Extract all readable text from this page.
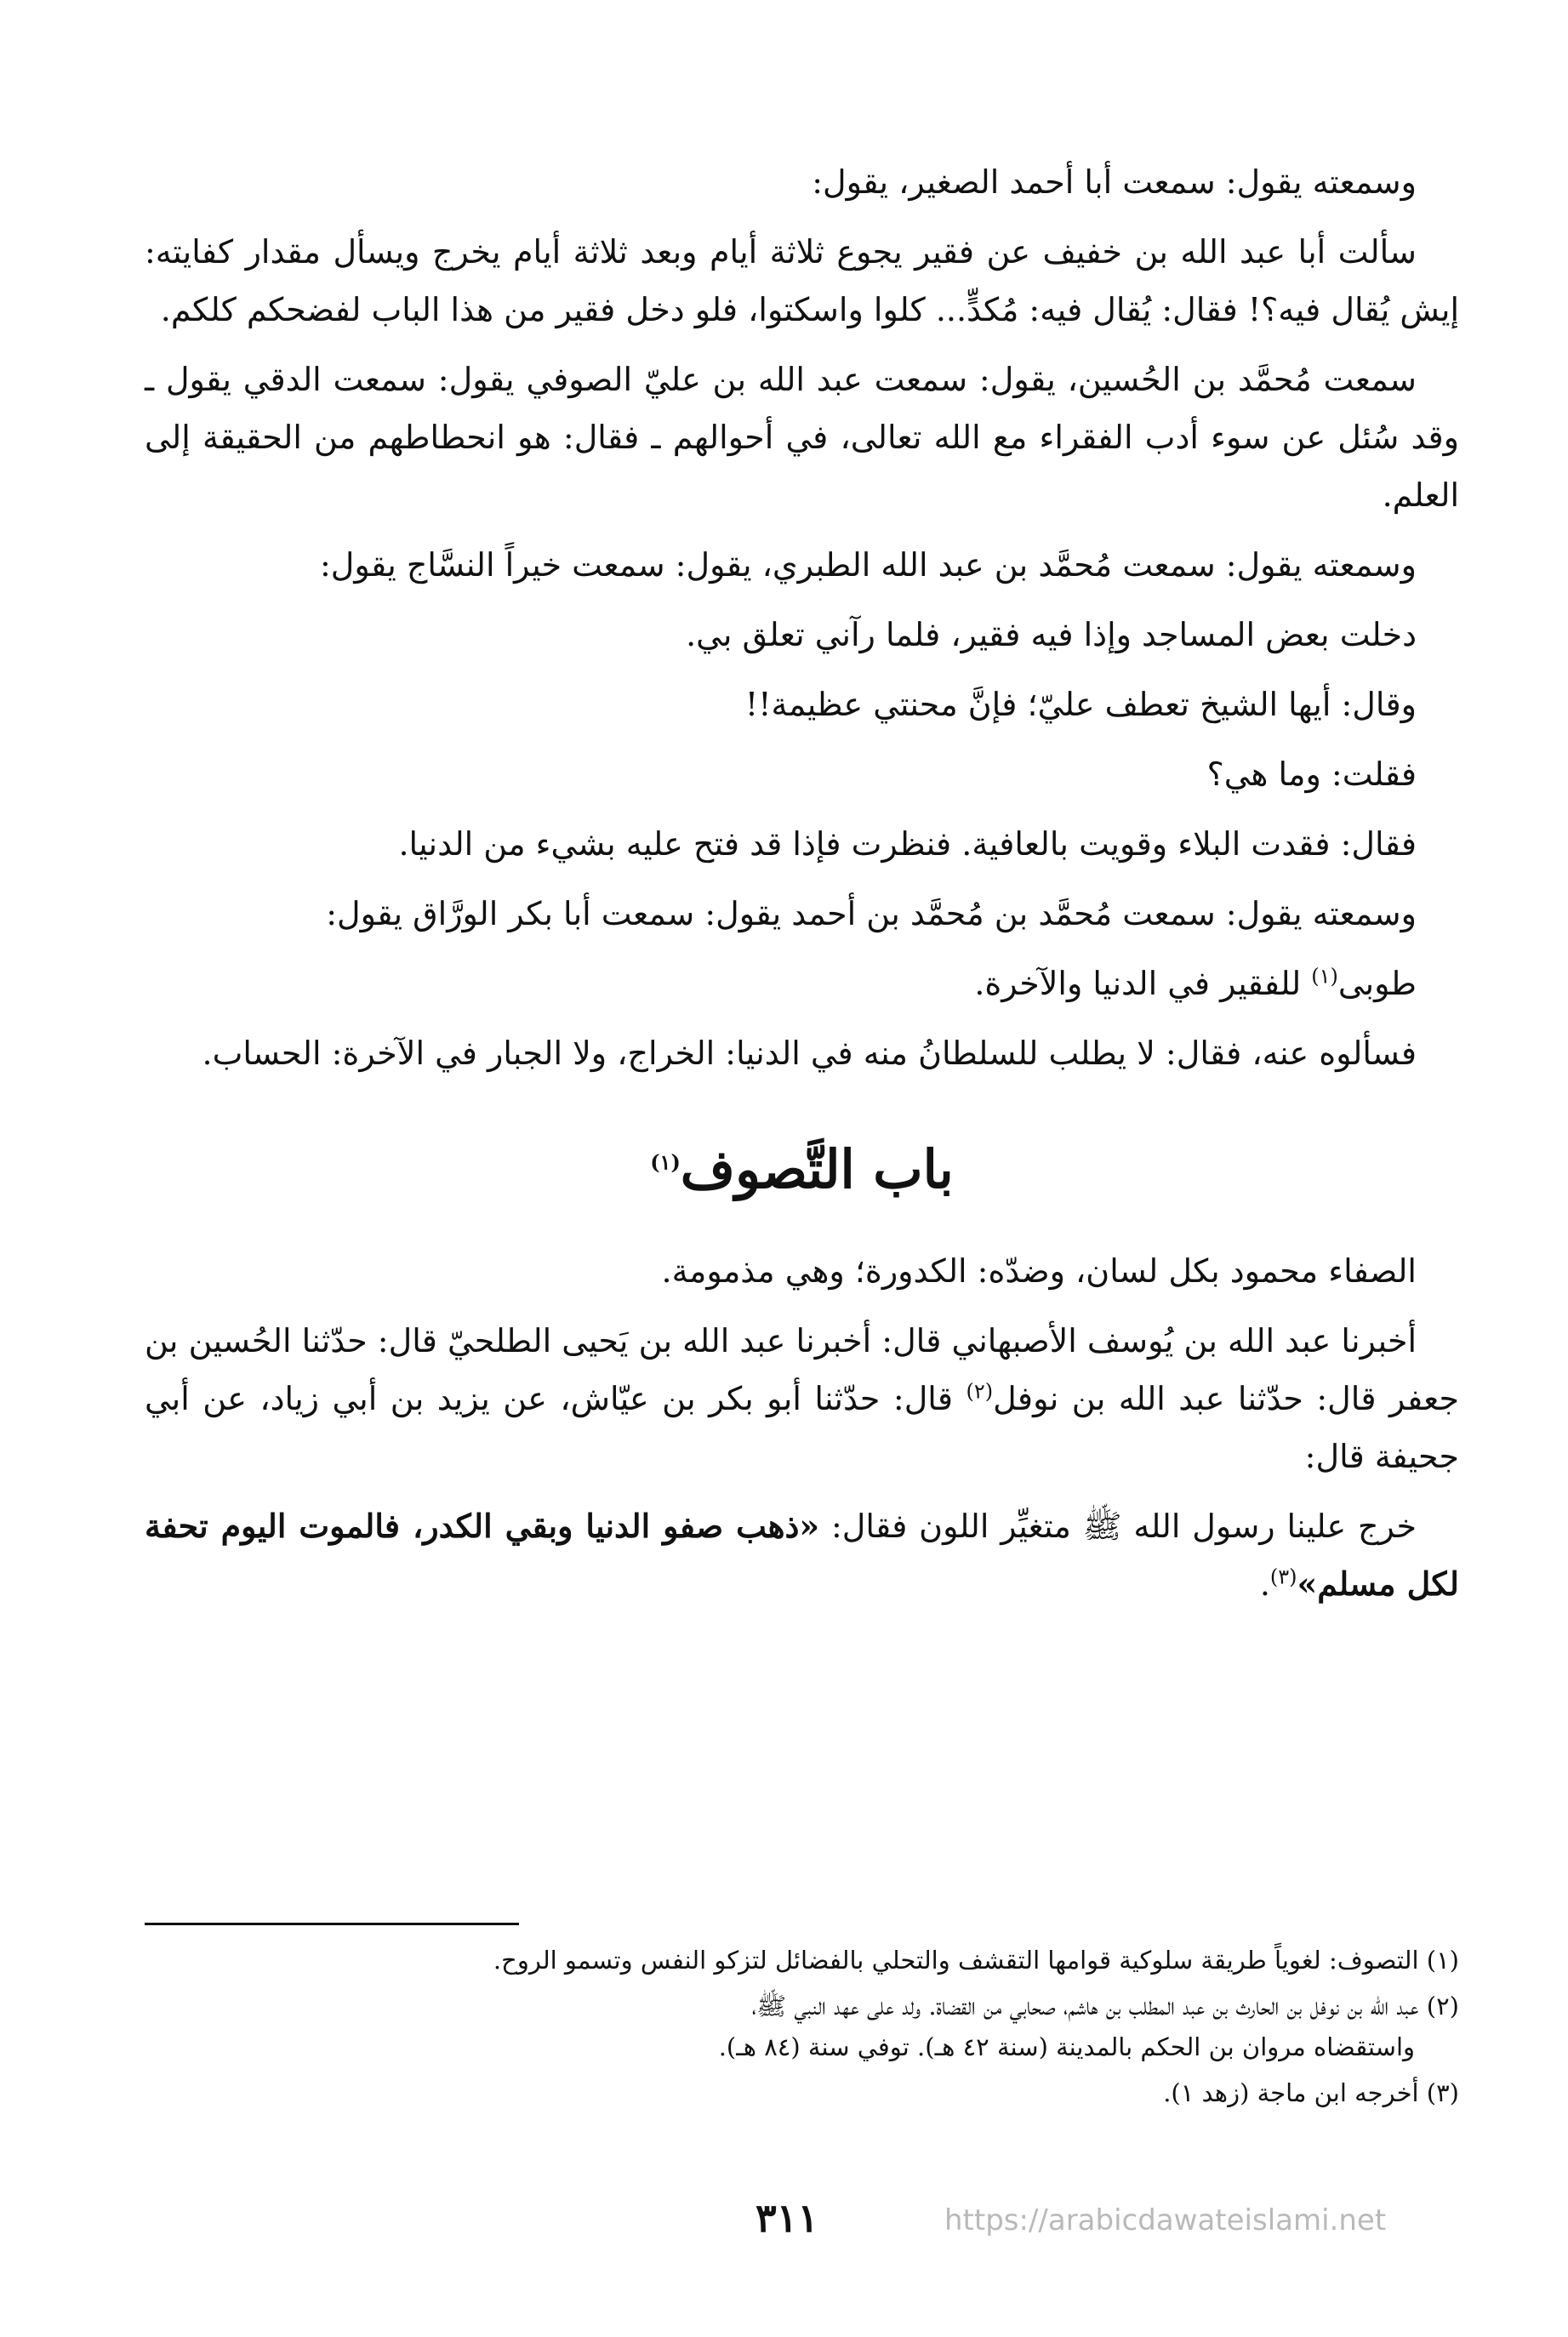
وسمعته يقول: سمعت أبا أحمد الصغير، يقول:

سألت أبا عبد الله بن خفيف عن فقير يجوع ثلاثة أيام وبعد ثلاثة أيام يخرج ويسأل مقدار كفايته: إيش يُقال فيه؟! فقال: يُقال فيه: مُكدٍّ... كلوا واسكتوا، فلو دخل فقير من هذا الباب لفضحكم كلكم.

سمعت مُحمَّد بن الحُسين، يقول: سمعت عبد الله بن عليّ الصوفي يقول: سمعت الدقي يقول ـ وقد سُئل عن سوء أدب الفقراء مع الله تعالى، في أحوالهم ـ فقال: هو انحطاطهم من الحقيقة إلى العلم.

وسمعته يقول: سمعت مُحمَّد بن عبد الله الطبري، يقول: سمعت خيراً النسَّاج يقول:

دخلت بعض المساجد وإذا فيه فقير، فلما رآني تعلق بي.

وقال: أيها الشيخ تعطف عليّ؛ فإنَّ محنتي عظيمة!!

فقلت: وما هي؟

فقال: فقدت البلاء وقويت بالعافية. فنظرت فإذا قد فتح عليه بشيء من الدنيا.

وسمعته يقول: سمعت مُحمَّد بن مُحمَّد بن أحمد يقول: سمعت أبا بكر الورَّاق يقول:

طوبى$^{(١)}$ للفقير في الدنيا والآخرة.

فسألوه عنه، فقال: لا يطلب للسلطانُ منه في الدنيا: الخراج، ولا الجبار في الآخرة: الحساب.

باب التَّصوف$^{(١)}$

الصفاء محمود بكل لسان، وضدّه: الكدورة؛ وهي مذمومة.

أخبرنا عبد الله بن يُوسف الأصبهاني قال: أخبرنا عبد الله بن يَحيى الطلحيّ قال: حدّثنا الحُسين بن جعفر قال: حدّثنا عبد الله بن نوفل$^{(٢)}$ قال: حدّثنا أبو بكر بن عيّاش، عن يزيد بن أبي زياد، عن أبي جحيفة قال:

خرج علينا رسول الله ﷺ متغيِّر اللون فقال: «ذهب صفو الدنيا وبقي الكدر، فالموت اليوم تحفة لكل مسلم»$^{(٣)}$.

(١) التصوف: لغوياً طريقة سلوكية قوامها التقشف والتحلي بالفضائل لتزكو النفس وتسمو الروح.

(٢) عبد الله بن نوفل بن الحارث بن عبد المطلب بن هاشم، صحابي من القضاة. ولد على عهد النبي ﷺ،
واستقضاه مروان بن الحكم بالمدينة (سنة ٤٢ هـ). توفي سنة (٨٤ هـ).

(٣) أخرجه ابن ماجة (زهد ١).

٣١١	https://arabicdawateislami.net
